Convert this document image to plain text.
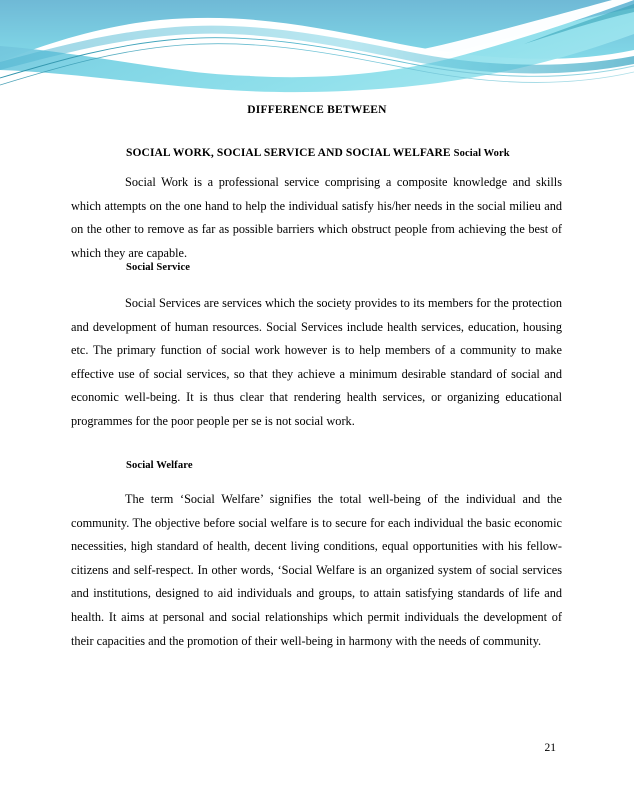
DIFFERENCE BETWEEN
SOCIAL WORK, SOCIAL SERVICE AND SOCIAL WELFARE Social Work
Social Work is a professional service comprising a composite knowledge and skills which attempts on the one hand to help the individual satisfy his/her needs in the social milieu and on the other to remove as far as possible barriers which obstruct people from achieving the best of which they are capable.
Social Service
Social Services are services which the society provides to its members for the protection and development of human resources. Social Services include health services, education, housing etc. The primary function of social work however is to help members of a community to make effective use of social services, so that they achieve a minimum desirable standard of social and economic well-being. It is thus clear that rendering health services, or organizing educational programmes for the poor people per se is not social work.
Social Welfare
The term ‘Social Welfare’ signifies the total well-being of the individual and the community. The objective before social welfare is to secure for each individual the basic economic necessities, high standard of health, decent living conditions, equal opportunities with his fellow-citizens and self-respect. In other words, ‘Social Welfare is an organized system of social services and institutions, designed to aid individuals and groups, to attain satisfying standards of life and health. It aims at personal and social relationships which permit individuals the development of their capacities and the promotion of their well-being in harmony with the needs of community.
21
